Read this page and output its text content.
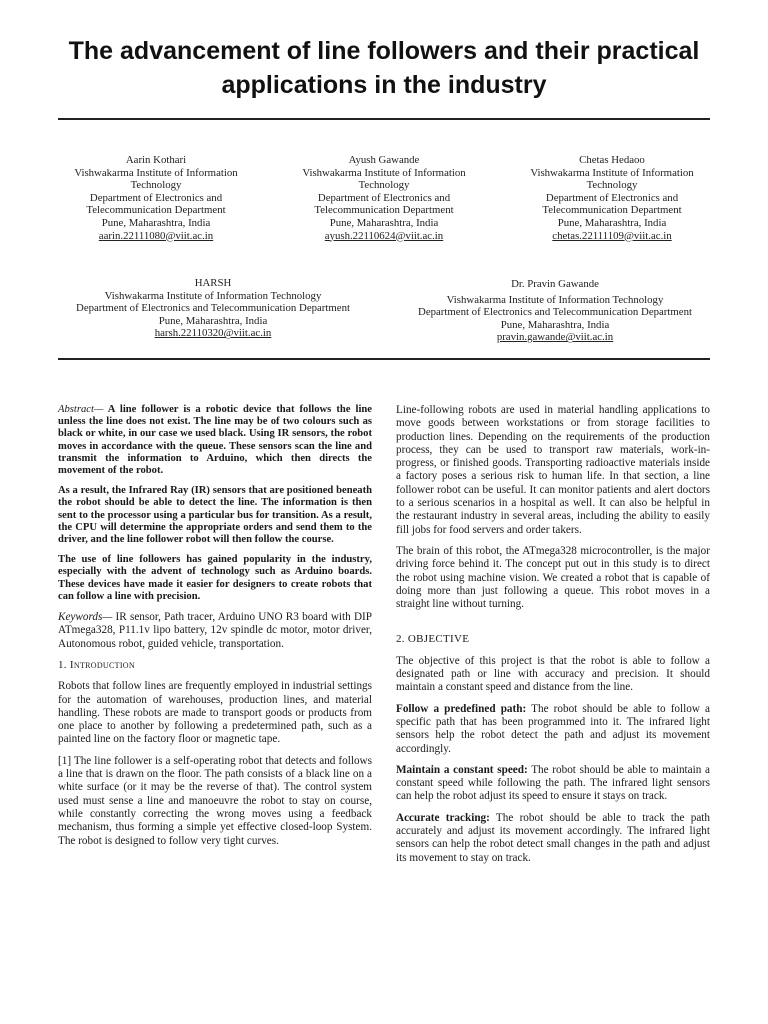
The advancement of line followers and their practical applications in the industry
Aarin Kothari
Vishwakarma Institute of Information Technology
Department of Electronics and Telecommunication Department
Pune, Maharashtra, India
aarin.22111080@viit.ac.in
Ayush Gawande
Vishwakarma Institute of Information Technology
Department of Electronics and Telecommunication Department
Pune, Maharashtra, India
ayush.22110624@viit.ac.in
Chetas Hedaoo
Vishwakarma Institute of Information Technology
Department of Electronics and Telecommunication Department
Pune, Maharashtra, India
chetas.22111109@viit.ac.in
HARSH
Vishwakarma Institute of Information Technology
Department of Electronics and Telecommunication Department
Pune, Maharashtra, India
harsh.22110320@viit.ac.in
Dr. Pravin Gawande
Vishwakarma Institute of Information Technology
Department of Electronics and Telecommunication Department
Pune, Maharashtra, India
pravin.gawande@viit.ac.in

Abstract— A line follower is a robotic device that follows the line unless the line does not exist. The line may be of two colours such as black or white, in our case we used black. Using IR sensors, the robot moves in accordance with the queue. These sensors scan the line and transmit the information to Arduino, which then directs the movement of the robot.

As a result, the Infrared Ray (IR) sensors that are positioned beneath the robot should be able to detect the line. The information is then sent to the processor using a particular bus for transition. As a result, the CPU will determine the appropriate orders and send them to the driver, and the line follower robot will then follow the course.

The use of line followers has gained popularity in the industry, especially with the advent of technology such as Arduino boards. These devices have made it easier for designers to create robots that can follow a line with precision.

Keywords— IR sensor, Path tracer, Arduino UNO R3 board with DIP ATmega328, P11.1v lipo battery, 12v spindle dc motor, motor driver, Autonomous robot, guided vehicle, transportation.

1. Introduction

Robots that follow lines are frequently employed in industrial settings for the automation of warehouses, production lines, and material handling. These robots are made to transport goods or products from one place to another by following a predetermined path, such as a painted line on the factory floor or magnetic tape.

[1] The line follower is a self-operating robot that detects and follows a line that is drawn on the floor. The path consists of a black line on a white surface (or it may be the reverse of that). The control system used must sense a line and manoeuvre the robot to stay on course, while constantly correcting the wrong moves using a feedback mechanism, thus forming a simple yet effective closed-loop System. The robot is designed to follow very tight curves.

Line-following robots are used in material handling applications to move goods between workstations or from storage facilities to production lines. Depending on the requirements of the production process, they can be used to transport raw materials, work-in-progress, or finished goods. Transporting radioactive materials inside a factory poses a serious risk to human life. In that section, a line follower robot can be useful. It can monitor patients and alert doctors to a serious scenarios in a hospital as well. It can also be helpful in the restaurant industry in several areas, including the ability to easily fill jobs for food servers and order takers.

The brain of this robot, the ATmega328 microcontroller, is the major driving force behind it. The concept put out in this study is to direct the robot using machine vision. We created a robot that is capable of doing more than just following a queue. This robot moves in a straight line without turning.

2. OBJECTIVE

The objective of this project is that the robot is able to follow a designated path or line with accuracy and precision. It should maintain a constant speed and distance from the line.

Follow a predefined path: The robot should be able to follow a specific path that has been programmed into it. The infrared light sensors help the robot detect the path and adjust its movement accordingly.

Maintain a constant speed: The robot should be able to maintain a constant speed while following the path. The infrared light sensors can help the robot adjust its speed to ensure it stays on track.

Accurate tracking: The robot should be able to track the path accurately and adjust its movement accordingly. The infrared light sensors can help the robot detect small changes in the path and adjust its movement to stay on track.
